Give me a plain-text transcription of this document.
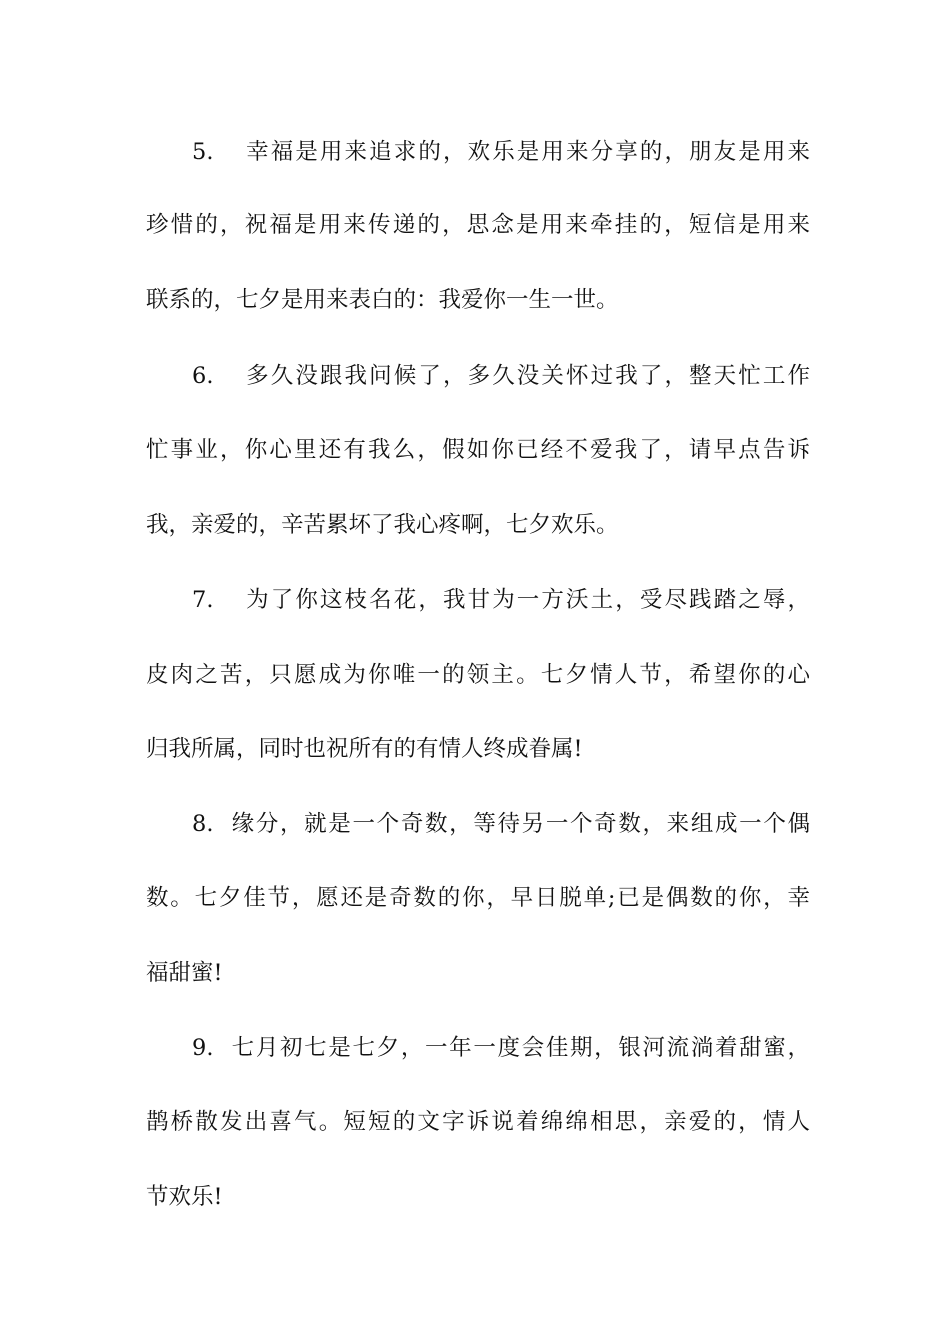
5. 幸福是用来追求的，欢乐是用来分享的，朋友是用来
珍惜的，祝福是用来传递的，思念是用来牵挂的，短信是用来
联系的，七夕是用来表白的：我爱你一生一世。
6. 多久没跟我问候了，多久没关怀过我了，整天忙工作
忙事业，你心里还有我么，假如你已经不爱我了，请早点告诉
我，亲爱的，辛苦累坏了我心疼啊，七夕欢乐。
7. 为了你这枝名花，我甘为一方沃土，受尽践踏之辱，
皮肉之苦，只愿成为你唯一的领主。七夕情人节，希望你的心
归我所属，同时也祝所有的有情人终成眷属!
8. 缘分，就是一个奇数，等待另一个奇数，来组成一个偶
数。七夕佳节，愿还是奇数的你，早日脱单;已是偶数的你，幸
福甜蜜!
9. 七月初七是七夕，一年一度会佳期，银河流淌着甜蜜，
鹊桥散发出喜气。短短的文字诉说着绵绵相思，亲爱的，情人
节欢乐!
